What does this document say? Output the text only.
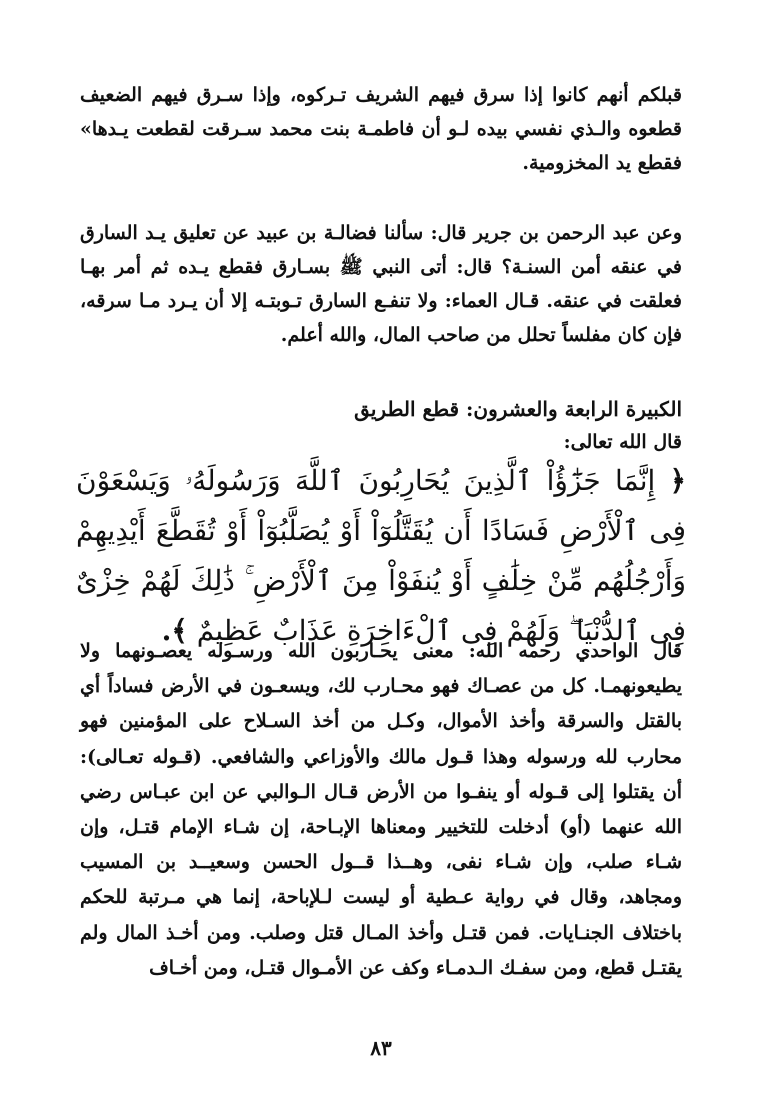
قبلكم أنهم كانوا إذا سرق فيهم الشريف تـركوه، وإذا سـرق فيهم الضعيف قطعوه والـذي نفسي بيده لـو أن فاطمـة بنت محمد سـرقت لقطعت يـدها» فقطع يد المخزومية.

وعن عبد الرحمن بن جرير قال: سألنا فضالـة بن عبيد عن تعليق يـد السارق في عنقه أمن السنـة؟ قال: أتى النبي ﷺ بسـارق فقطع يـده ثم أمر بهـا فعلقت في عنقه. قـال العماء: ولا تنفـع السارق تـوبتـه إلا أن يـرد مـا سرقه، فإن كان مفلساً تحلل من صاحب المال، والله أعلم.

الكبيرة الرابعة والعشرون: قطع الطريق
قال الله تعالى:
﴿ إِنَّمَا جَزَٰٓؤُاْ ٱلَّذِينَ يُحَارِبُونَ ٱللَّهَ وَرَسُولَهُۥ وَيَسْعَوْنَ فِى ٱلْأَرْضِ فَسَادًا أَن يُقَتَّلُوٓاْ أَوْ يُصَلَّبُوٓاْ أَوْ تُقَطَّعَ أَيْدِيهِمْ وَأَرْجُلُهُم مِّنْ خِلَٰفٍ أَوْ يُنفَوْاْ مِنَ ٱلْأَرْضِ ۚ ذَٰلِكَ لَهُمْ خِزْىٌ فِى ٱلدُّنْيَا ۖ وَلَهُمْ فِى ٱلْءَاخِرَةِ عَذَابٌ عَظِيمٌ ﴾.

قال الواحدي رحمه الله: معنى يحـاربون الله ورسـوله يعصـونهما ولا يطيعونهمـا. كل من عصـاك فهو محـارب لك، ويسعـون في الأرض فساداً أي بالقتل والسرقة وأخذ الأموال، وكـل من أخذ السـلاح على المؤمنين فهو محارب لله ورسوله وهذا قـول مالك والأوزاعي والشافعي. (قـوله تعـالى): أن يقتلوا إلى قـوله أو ينفـوا من الأرض قـال الـوالبي عن ابن عبـاس رضي الله عنهما (أو) أدخلت للتخيير ومعناها الإبـاحة، إن شـاء الإمام قتـل، وإن شـاء صلب، وإن شـاء نفى، وهــذا قــول الحسن وسعيــد بن المسيب ومجاهد، وقال في رواية عـطية أو ليست لـلإباحة، إنما هي مـرتبة للحكم باختلاف الجنـايات. فمن قتـل وأخذ المـال قتل وصلب. ومن أخـذ المال ولم يقتـل قطع، ومن سفـك الـدمـاء وكف عن الأمـوال قتـل، ومن أخـاف

٨٣
